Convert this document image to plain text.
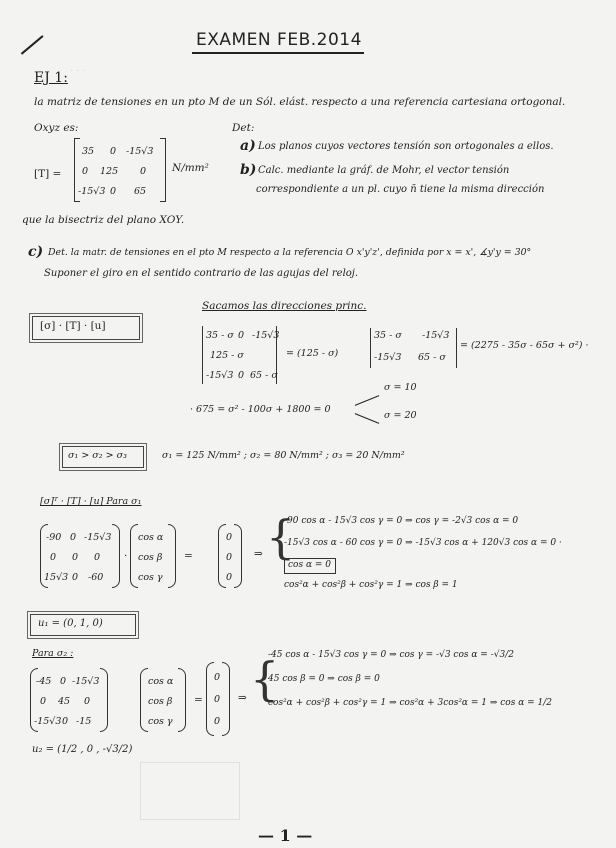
EXAMEN FEB.2014
EJ 1:
la matriz de tensiones en un pto M de un Sól. elást. respecto a una referencia cartesiana ortogonal.
Oxyz es:
[T] =
35 0 -15√3
0 125 0
-15√3 0 65
N/mm²
Det:
a) Los planos cuyos vectores tensión son ortogonales a ellos.
b) Calc. mediante la gráf. de Mohr, el vector tensión
correspondiente a un pl. cuyo n̄ tiene la misma dirección
que la bisectriz del plano XOY.
c) Det. la matr. de tensiones en el pto M respecto a la referencia O x'y'z', definida por x = x', ∡y'y = 30°
Suponer el giro en el sentido contrario de las agujas del reloj.
[σ] · [T] · [u]
Sacamos las direcciones princ.
35 - σ 0 -15√3
125 - σ
-15√3 0 65 - σ
= (125 - σ)
35 - σ -15√3
-15√3 65 - σ
= (2275 - 35σ - 65σ + σ²) ·
· 675 = σ² - 100σ + 1800 = 0
σ = 10
σ = 20
σ₁ > σ₂ > σ₃	σ₁ = 125 N/mm² ; σ₂ = 80 N/mm² ; σ₃ = 20 N/mm²
[σ]ᵀ · [T] · [u] Para σ₁
-90 0 -15√3
0 0 0
15√3 0 -60
·
cos α
cos β
cos γ
=
0
0
0
⇒ {
-90 cos α - 15√3 cos γ = 0 ⇒ cos γ = -2√3 cos α = 0
-15√3 cos α - 60 cos γ = 0 ⇒ -15√3 cos α + 120√3 cos α = 0 ·
cos α = 0
cos²α + cos²β + cos²γ = 1 ⇒ cos β = 1
u₁ = (0, 1, 0)
Para σ₂ :
-45 0 -15√3
0 45 0
-15√3 0 -15
cos α
cos β
cos γ
=
0
0
0
⇒ {
-45 cos α - 15√3 cos γ = 0 ⇒ cos γ = -√3 cos α = -√3/2
45 cos β = 0 ⇒ cos β = 0
cos²α + cos²β + cos²γ = 1 ⇒ cos²α + 3cos²α = 1 ⇒ cos α = 1/2
u₂ = (1/2 , 0 , -√3/2)
· · ·
— 1 —
